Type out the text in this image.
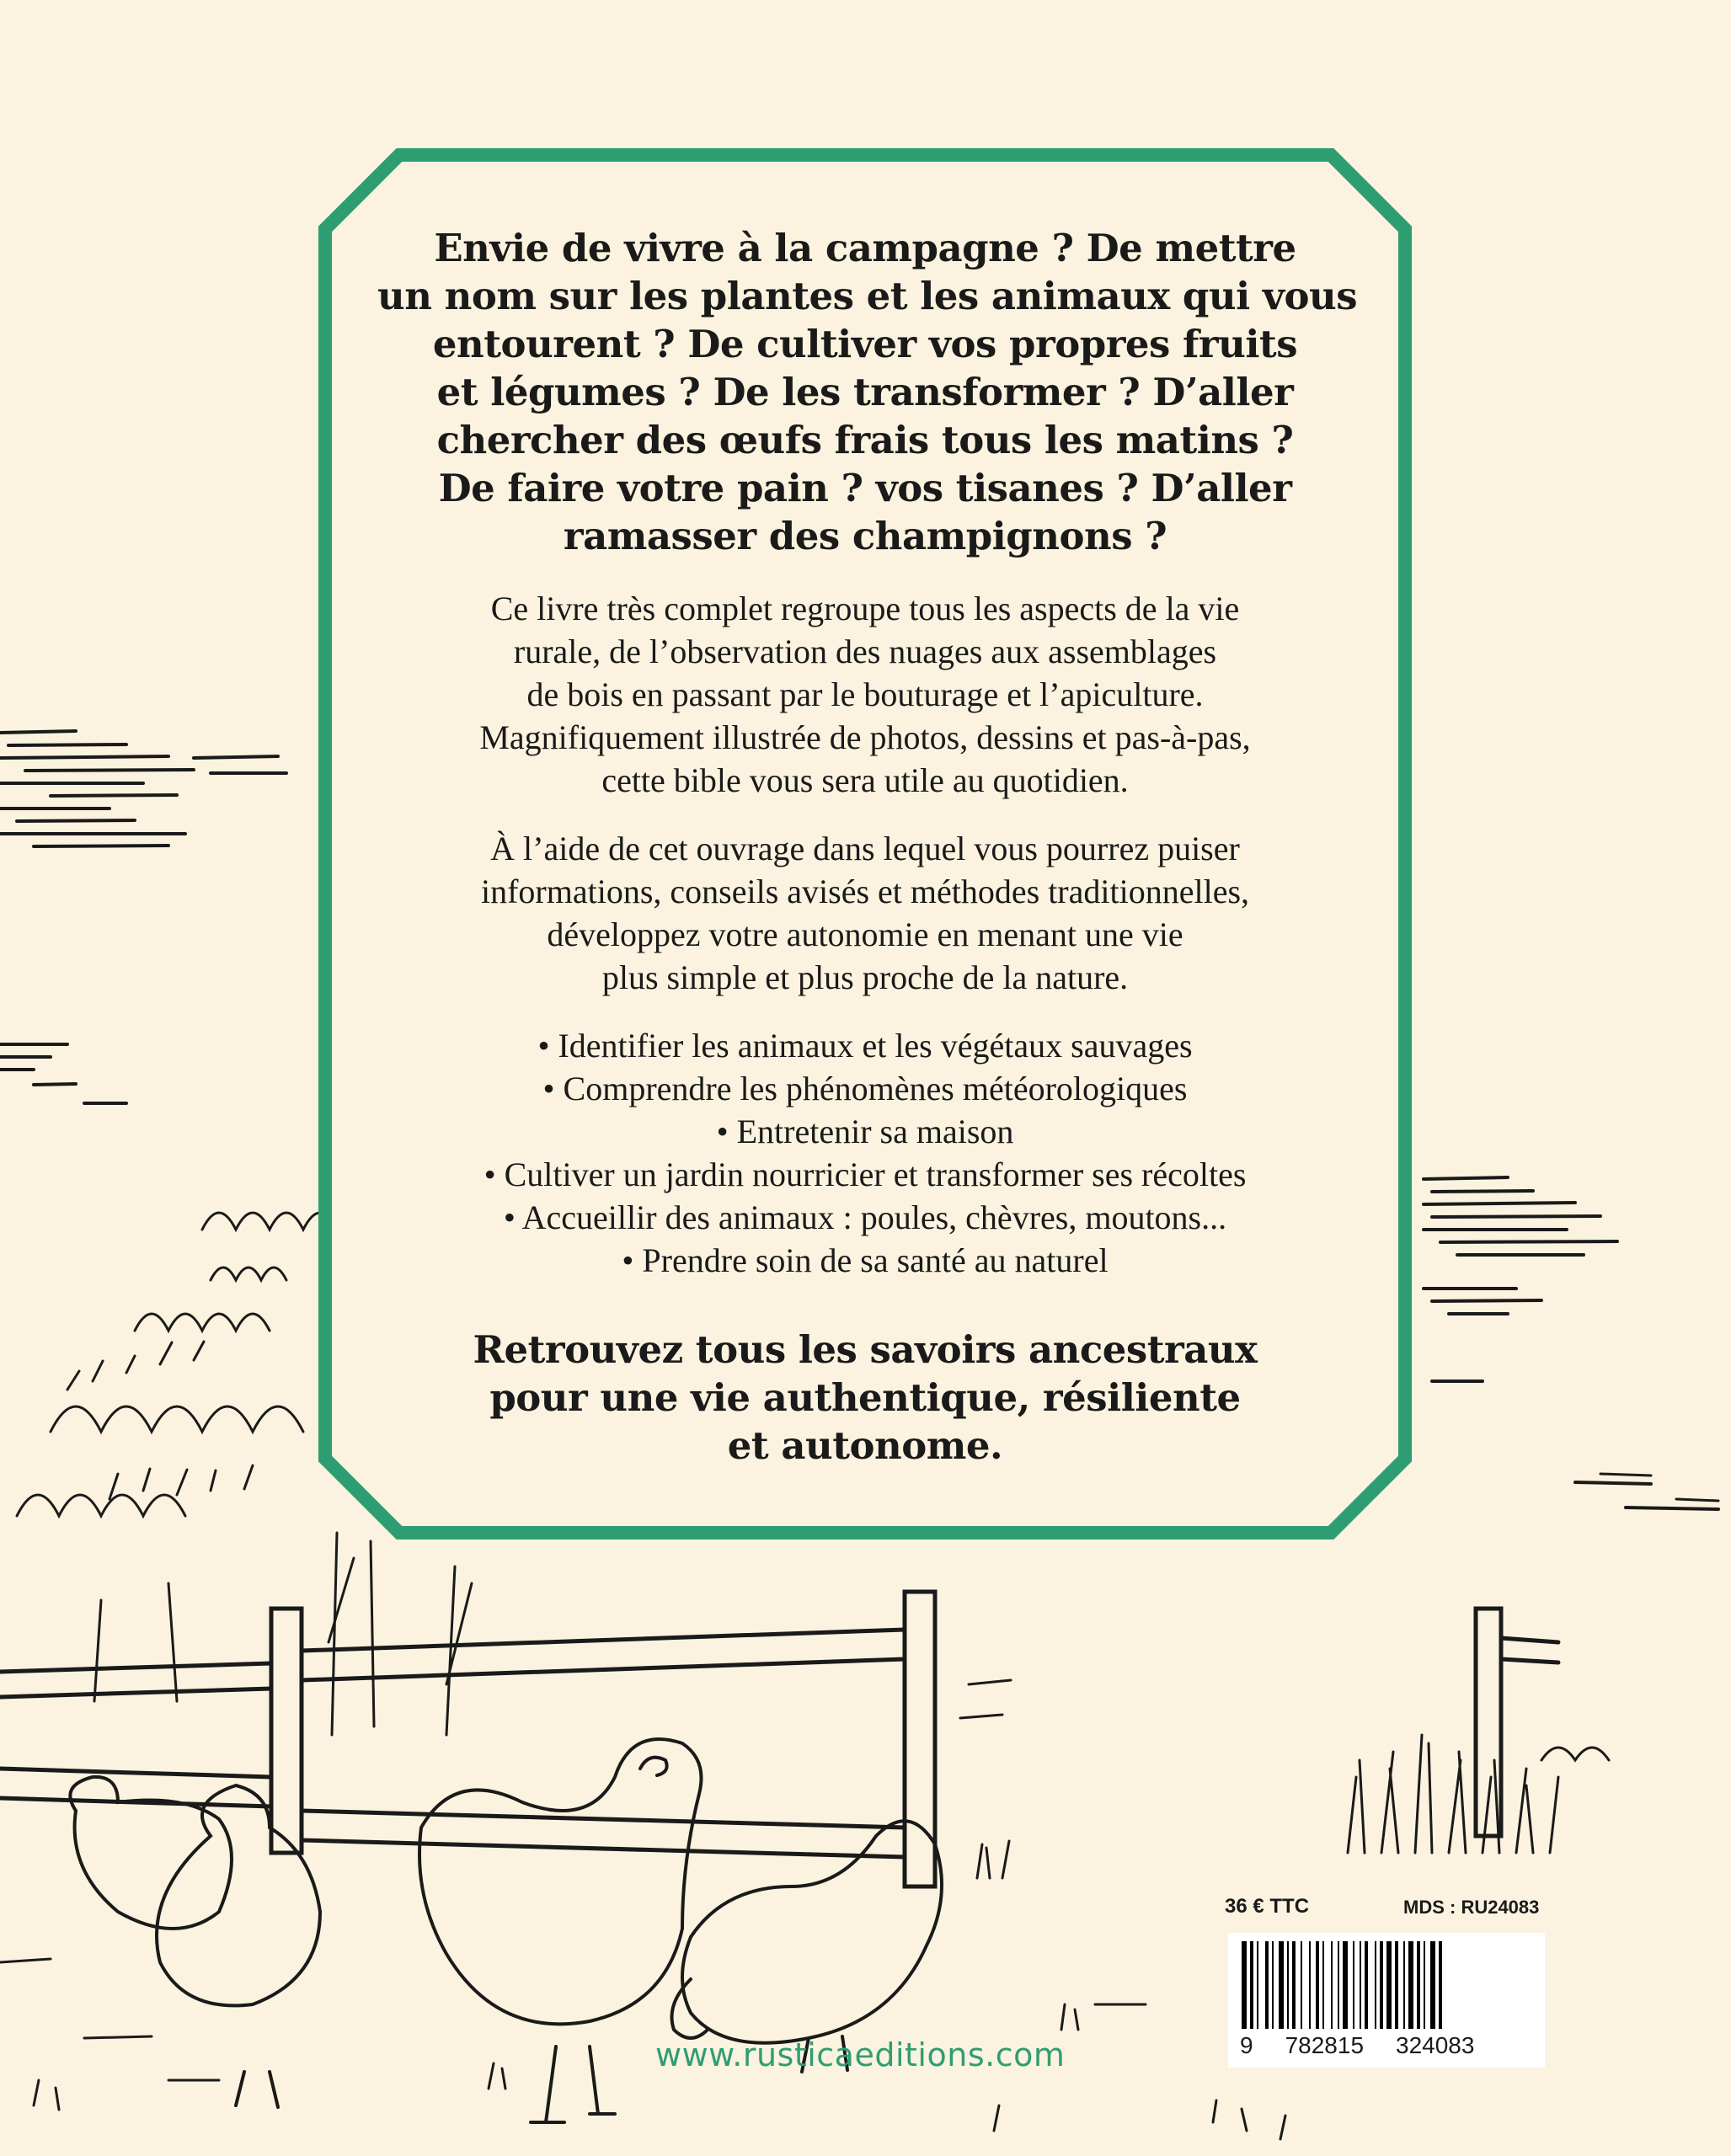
Envie de vivre à la campagne ? De mettre
un nom sur les plantes et les animaux qui vous
entourent ? De cultiver vos propres fruits
et légumes ? De les transformer ? D’aller
chercher des œufs frais tous les matins ?
De faire votre pain ? vos tisanes ? D’aller
ramasser des champignons ?
Ce livre très complet regroupe tous les aspects de la vie
rurale, de l’observation des nuages aux assemblages
de bois en passant par le bouturage et l’apiculture.
Magnifiquement illustrée de photos, dessins et pas-à-pas,
cette bible vous sera utile au quotidien.
À l’aide de cet ouvrage dans lequel vous pourrez puiser
informations, conseils avisés et méthodes traditionnelles,
développez votre autonomie en menant une vie
plus simple et plus proche de la nature.
• Identifier les animaux et les végétaux sauvages
• Comprendre les phénomènes météorologiques
• Entretenir sa maison
• Cultiver un jardin nourricier et transformer ses récoltes
• Accueillir des animaux : poules, chèvres, moutons...
• Prendre soin de sa santé au naturel
Retrouvez tous les savoirs ancestraux
pour une vie authentique, résiliente
et autonome.
www.rusticaeditions.com
36 € TTC	MDS : RU24083
9 782815 324083
